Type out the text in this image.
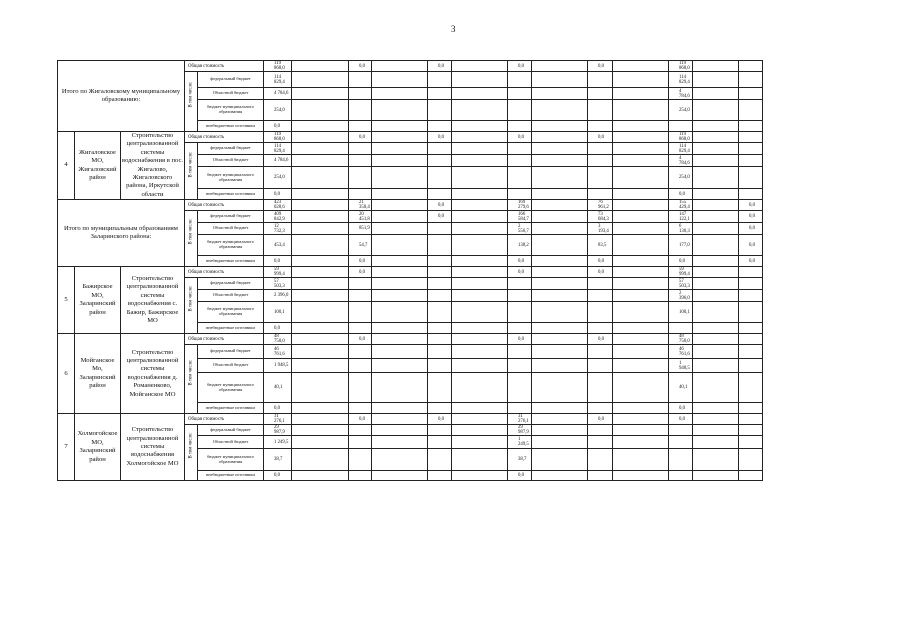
3
Итого по Жигаловскому муниципальному образованию:			Общая стоимость		119 868,0		0,0		0,0		0,0		0,0		119 868,0		

			В том числе:	федеральный бюджет	114 829,4										114 829,4		
				Областной бюджет	4 784,6										4 784,6		
				бюджет муниципального образования	254,0										254,0		
				внебюджетные источники	0,0												
4	Жигаловское МО, Жигаловский район	Строительство централизованной системы водоснабжения в пос. Жигалово, Жигаловского района, Иркутской области	Общая стоимость		119 868,0		0,0		0,0		0,0		0,0		119 868,0		

			В том числе:	федеральный бюджет	114 829,4										114 829,4		
				Областной бюджет	4 784,6										4 784,6		
				бюджет муниципального образования	254,0										254,0		
				внебюджетные источники	0,0										0,0		
Итого по муниципальным образованиям Заларинского района:			Общая стоимость		423 028,6		21 358,4		0,0		169 279,6		76 961,2		155 429,4		0,0

			В том числе:	федеральный бюджет	409 842,9		20 451,8		0,0		166 584,7		73 684,3		147 122,1		0,0
				Областной бюджет	12 732,3		851,9				2 556,7		3 193,4		6 130,3		0,0
				бюджет муниципального образования	453,4		54,7				138,2		83,5		177,0		0,0
				внебюджетные источники	0,0		0,0				0,0		0,0		0,0		0,0
5	Бажирское МО, Заларинский район	Строительство централизованной системы водоснабжения с. Бажир, Бажирское МО	Общая стоимость		59 999,4		0,0				0,0		0,0		59 999,4		

			В том числе:	федеральный бюджет	57 503,3										57 503,3		
				Областной бюджет	2 396,0										2 396,0		
				бюджет муниципального образования	100,1										100,1		
				внебюджетные источники	0,0												
6	Мойганское Мо, Заларинский район	Строительство централизованной системы водоснабжения д. Романенково, Мойганское МО	Общая стоимость		48 750,0		0,0				0,0		0,0		48 750,0		

			В том числе:	федеральный бюджет	46 761,6										46 761,6		
				Областной бюджет	1 948,5										1 948,5		
				бюджет муниципального образования	40,1										40,1		
				внебюджетные источники	0,0										0,0		
7	Холмогойское МО, Заларинский район	Строительство централизованной системы водоснабжения Холмогойское МО	Общая стоимость		31 276,1		0,0		0,0		31 276,1		0,0		0,0		

			В том числе:	федеральный бюджет	29 987,9						29 987,9						
				Областной бюджет	1 249,5						1 249,5						
				бюджет муниципального образования	38,7						38,7						
				внебюджетные источники	0,0						0,0						
